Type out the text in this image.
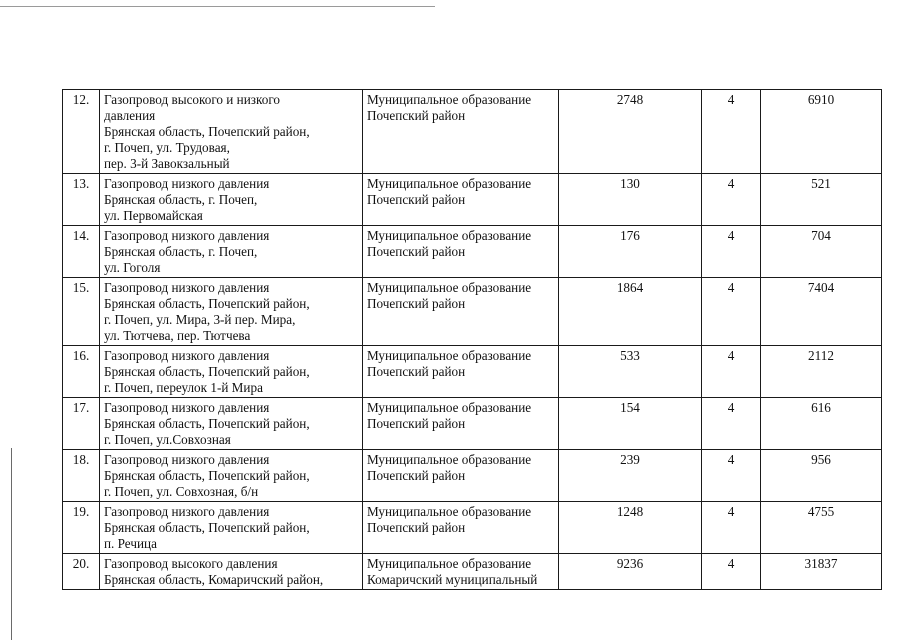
12.	Газопровод высокого и низкого
давления
Брянская область, Почепский район,
г. Почеп, ул. Трудовая,
пер. 3-й Завокзальный	Муниципальное образование
Почепский район	2748	4	6910
13.	Газопровод низкого давления
Брянская область, г. Почеп,
ул. Первомайская	Муниципальное образование
Почепский район	130	4	521
14.	Газопровод низкого давления
Брянская область, г. Почеп,
ул. Гоголя	Муниципальное образование
Почепский район	176	4	704
15.	Газопровод низкого давления
Брянская область, Почепский район,
г. Почеп, ул. Мира, 3-й пер. Мира,
ул. Тютчева, пер. Тютчева	Муниципальное образование
Почепский район	1864	4	7404
16.	Газопровод низкого давления
Брянская область, Почепский район,
г. Почеп, переулок 1-й Мира	Муниципальное образование
Почепский район	533	4	2112
17.	Газопровод низкого давления
Брянская область, Почепский район,
г. Почеп, ул.Совхозная	Муниципальное образование
Почепский район	154	4	616
18.	Газопровод низкого давления
Брянская область, Почепский район,
г. Почеп, ул. Совхозная, б/н	Муниципальное образование
Почепский район	239	4	956
19.	Газопровод низкого давления
Брянская область, Почепский район,
п. Речица	Муниципальное образование
Почепский район	1248	4	4755
20.	Газопровод высокого давления
Брянская область, Комаричский район,	Муниципальное образование
Комаричский муниципальный	9236	4	31837
